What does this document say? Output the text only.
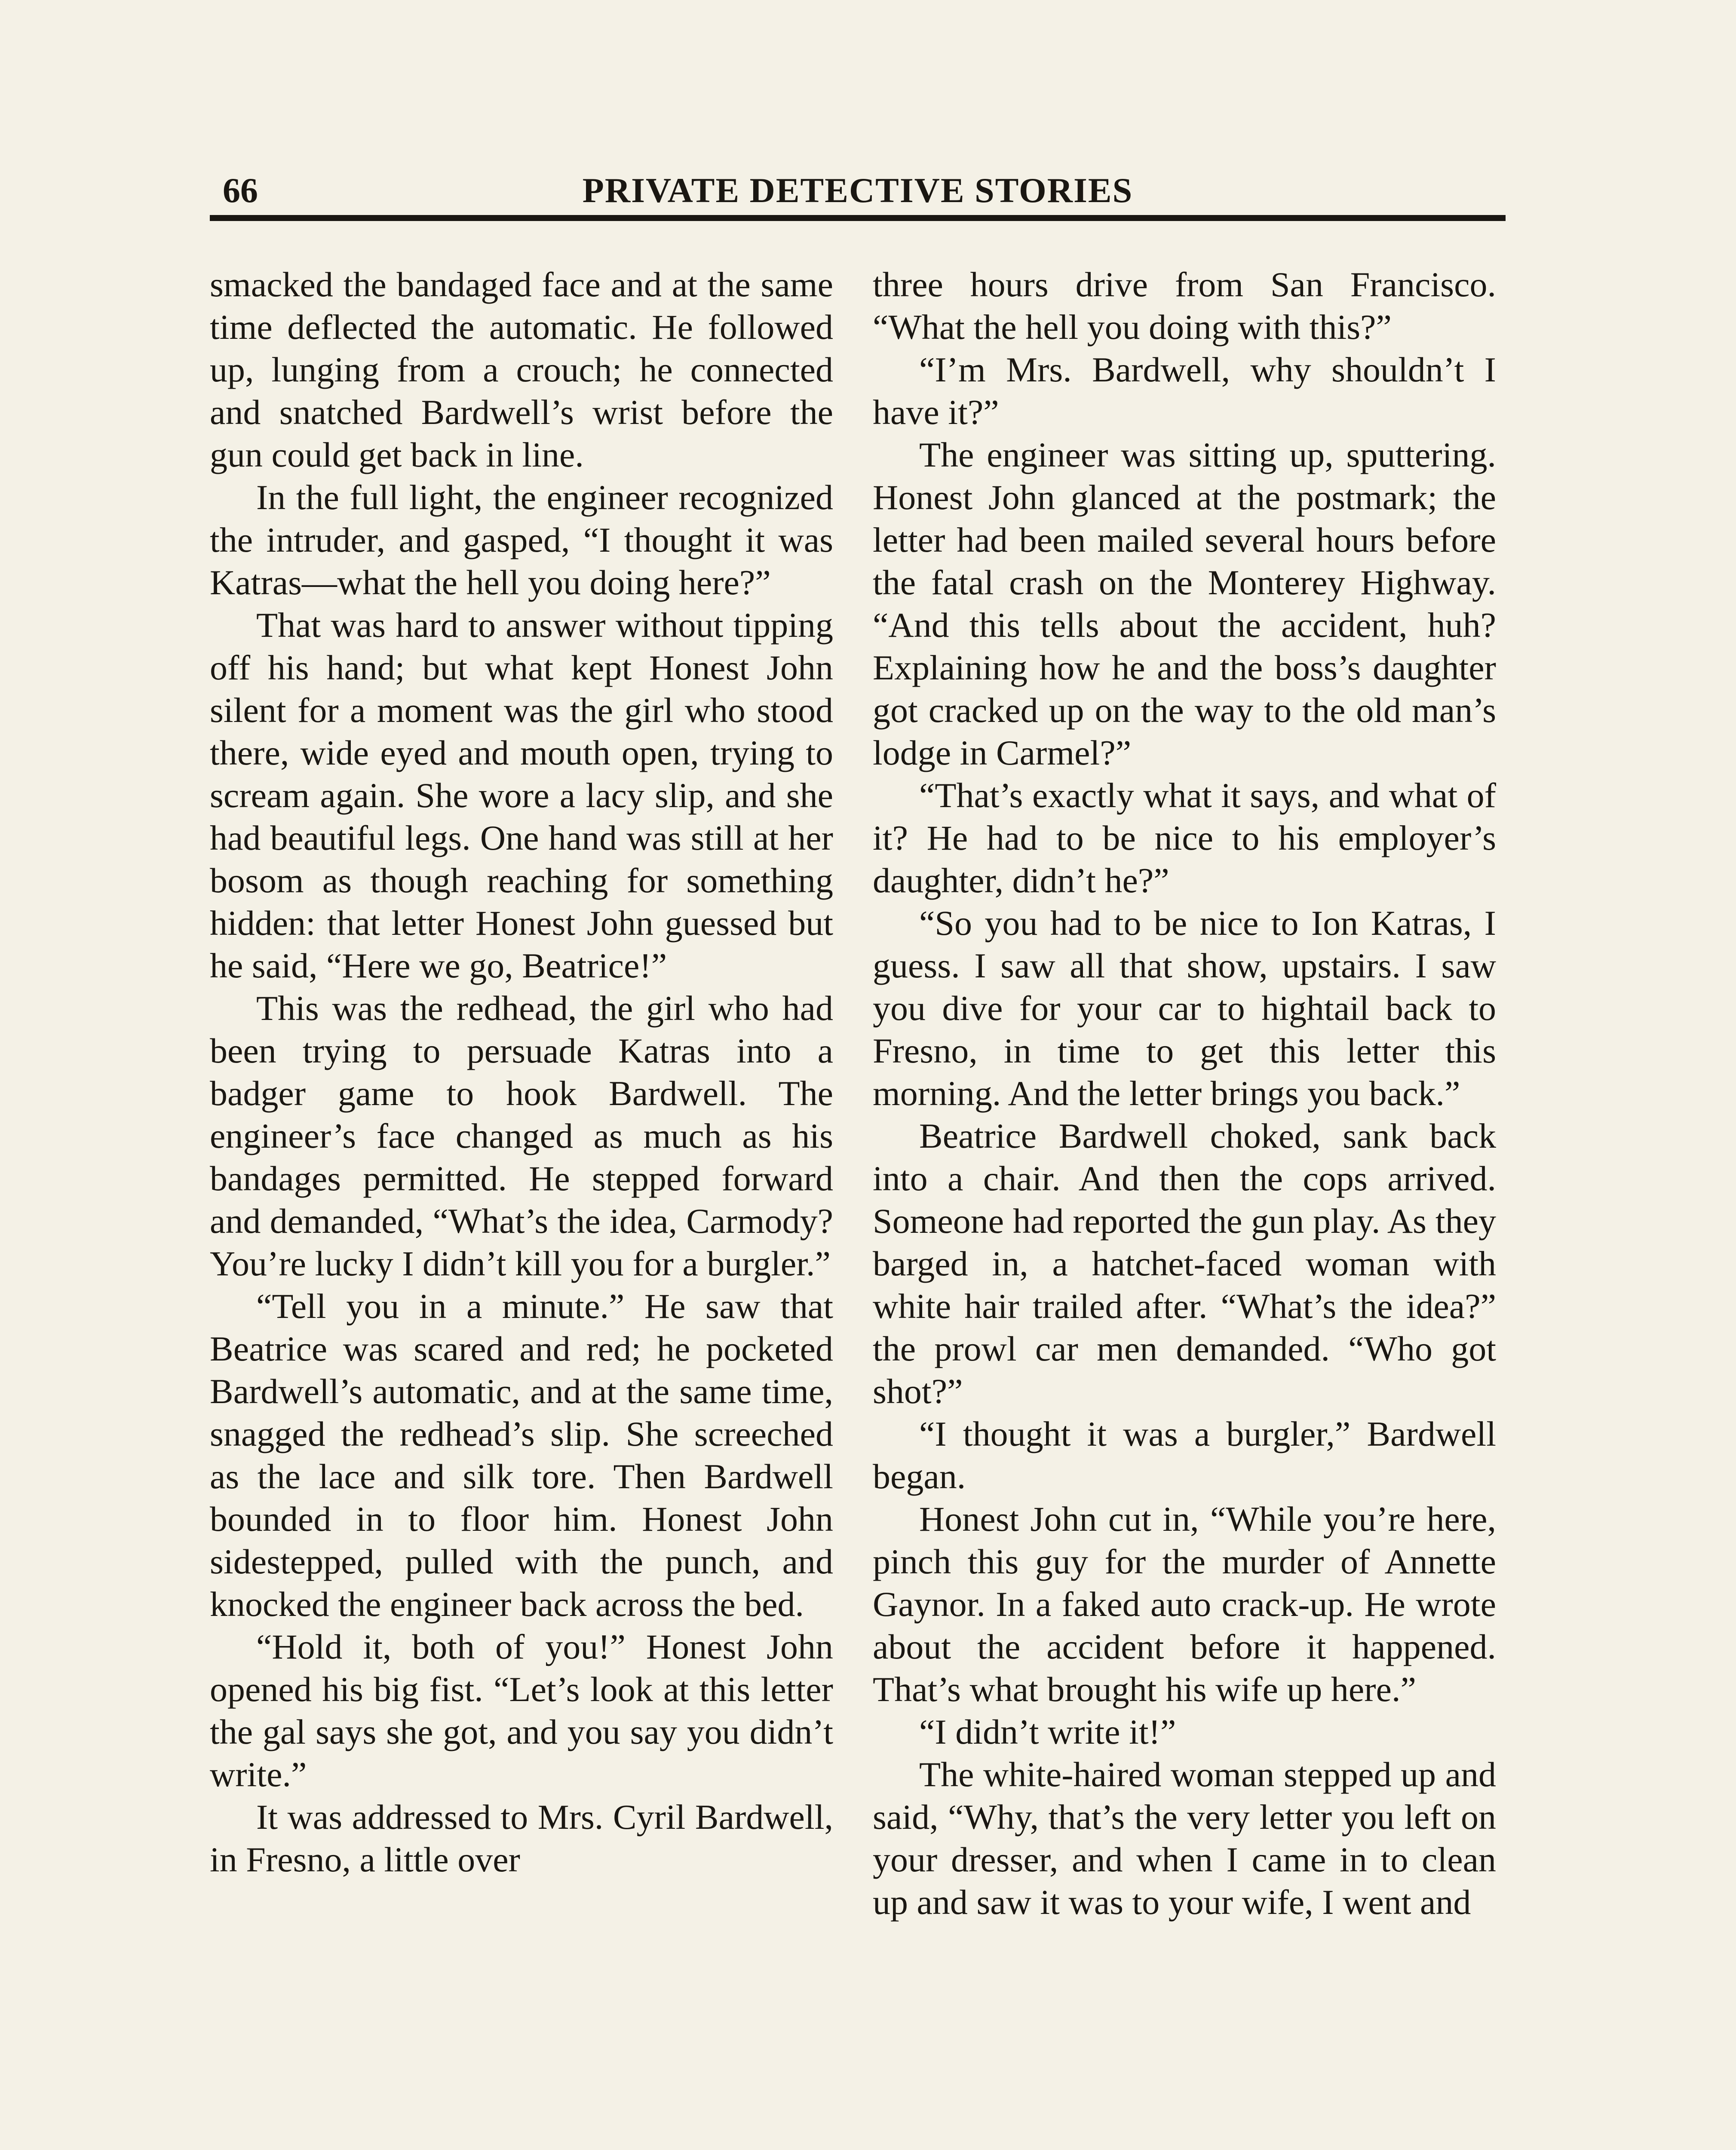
66	PRIVATE DETECTIVE STORIES

smacked the bandaged face and at the same time deflected the automatic. He followed up, lunging from a crouch; he connected and snatched Bardwell’s wrist before the gun could get back in line.

In the full light, the engineer recognized the intruder, and gasped, “I thought it was Katras—what the hell you doing here?”

That was hard to answer without tipping off his hand; but what kept Honest John silent for a moment was the girl who stood there, wide eyed and mouth open, trying to scream again. She wore a lacy slip, and she had beautiful legs. One hand was still at her bosom as though reaching for something hidden: that letter Honest John guessed but he said, “Here we go, Beatrice!”

This was the redhead, the girl who had been trying to persuade Katras into a badger game to hook Bardwell. The engineer’s face changed as much as his bandages permitted. He stepped forward and demanded, “What’s the idea, Carmody? You’re lucky I didn’t kill you for a burgler.”

“Tell you in a minute.” He saw that Beatrice was scared and red; he pocketed Bardwell’s automatic, and at the same time, snagged the redhead’s slip. She screeched as the lace and silk tore. Then Bardwell bounded in to floor him. Honest John sidestepped, pulled with the punch, and knocked the engineer back across the bed.

“Hold it, both of you!” Honest John opened his big fist. “Let’s look at this letter the gal says she got, and you say you didn’t write.”

It was addressed to Mrs. Cyril Bardwell, in Fresno, a little over

three hours drive from San Francisco. “What the hell you doing with this?”

“I’m Mrs. Bardwell, why shouldn’t I have it?”

The engineer was sitting up, sputtering. Honest John glanced at the postmark; the letter had been mailed several hours before the fatal crash on the Monterey Highway. “And this tells about the accident, huh? Explaining how he and the boss’s daughter got cracked up on the way to the old man’s lodge in Carmel?”

“That’s exactly what it says, and what of it? He had to be nice to his employer’s daughter, didn’t he?”

“So you had to be nice to Ion Katras, I guess. I saw all that show, upstairs. I saw you dive for your car to hightail back to Fresno, in time to get this letter this morning. And the letter brings you back.”

Beatrice Bardwell choked, sank back into a chair. And then the cops arrived. Someone had reported the gun play. As they barged in, a hatchet-faced woman with white hair trailed after. “What’s the idea?” the prowl car men demanded. “Who got shot?”

“I thought it was a burgler,” Bardwell began.

Honest John cut in, “While you’re here, pinch this guy for the murder of Annette Gaynor. In a faked auto crack-up. He wrote about the accident before it happened. That’s what brought his wife up here.”

“I didn’t write it!”

The white-haired woman stepped up and said, “Why, that’s the very letter you left on your dresser, and when I came in to clean up and saw it was to your wife, I went and
